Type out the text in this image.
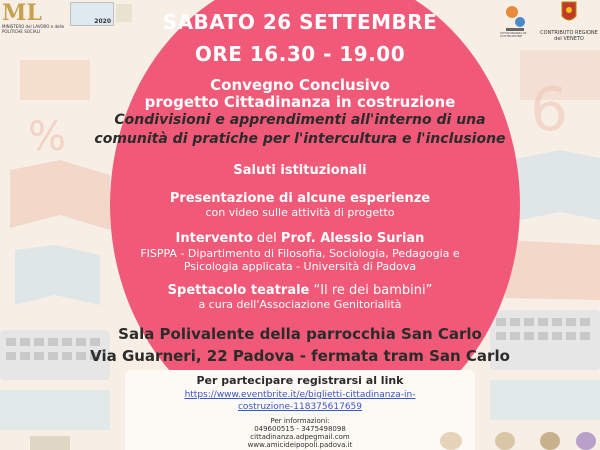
%	6
ML
MINISTERO del LAVORO e delle POLITICHE SOCIALI
2020
CITTADINANZA IN COSTRUZIONE	CONTRIBUTO REGIONE del VENETO
SABATO 26 SETTEMBRE
ORE 16.30 - 19.00
Convegno Conclusivo
progetto Cittadinanza in costruzione
Condivisioni e apprendimenti all'interno di una
comunità di pratiche per l'intercultura e l'inclusione
Saluti istituzionali
Presentazione di alcune esperienze
con video sulle attività di progetto
Intervento del Prof. Alessio Surian
FISPPA - Dipartimento di Filosofia, Sociologia, Pedagogia e
Psicologia applicata - Università di Padova
Spettacolo teatrale “Il re dei bambini”
a cura dell'Associazione Genitorialità
Sala Polivalente della parrocchia San Carlo
Via Guarneri, 22 Padova - fermata tram San Carlo
Per partecipare registrarsi al link
https://www.eventbrite.it/e/biglietti-cittadinanza-in-
costruzione-118375617659
Per informazioni:
049600515 - 3475498098
cittadinanza.adpegmail.com
www.amicideipopoli.padova.it
